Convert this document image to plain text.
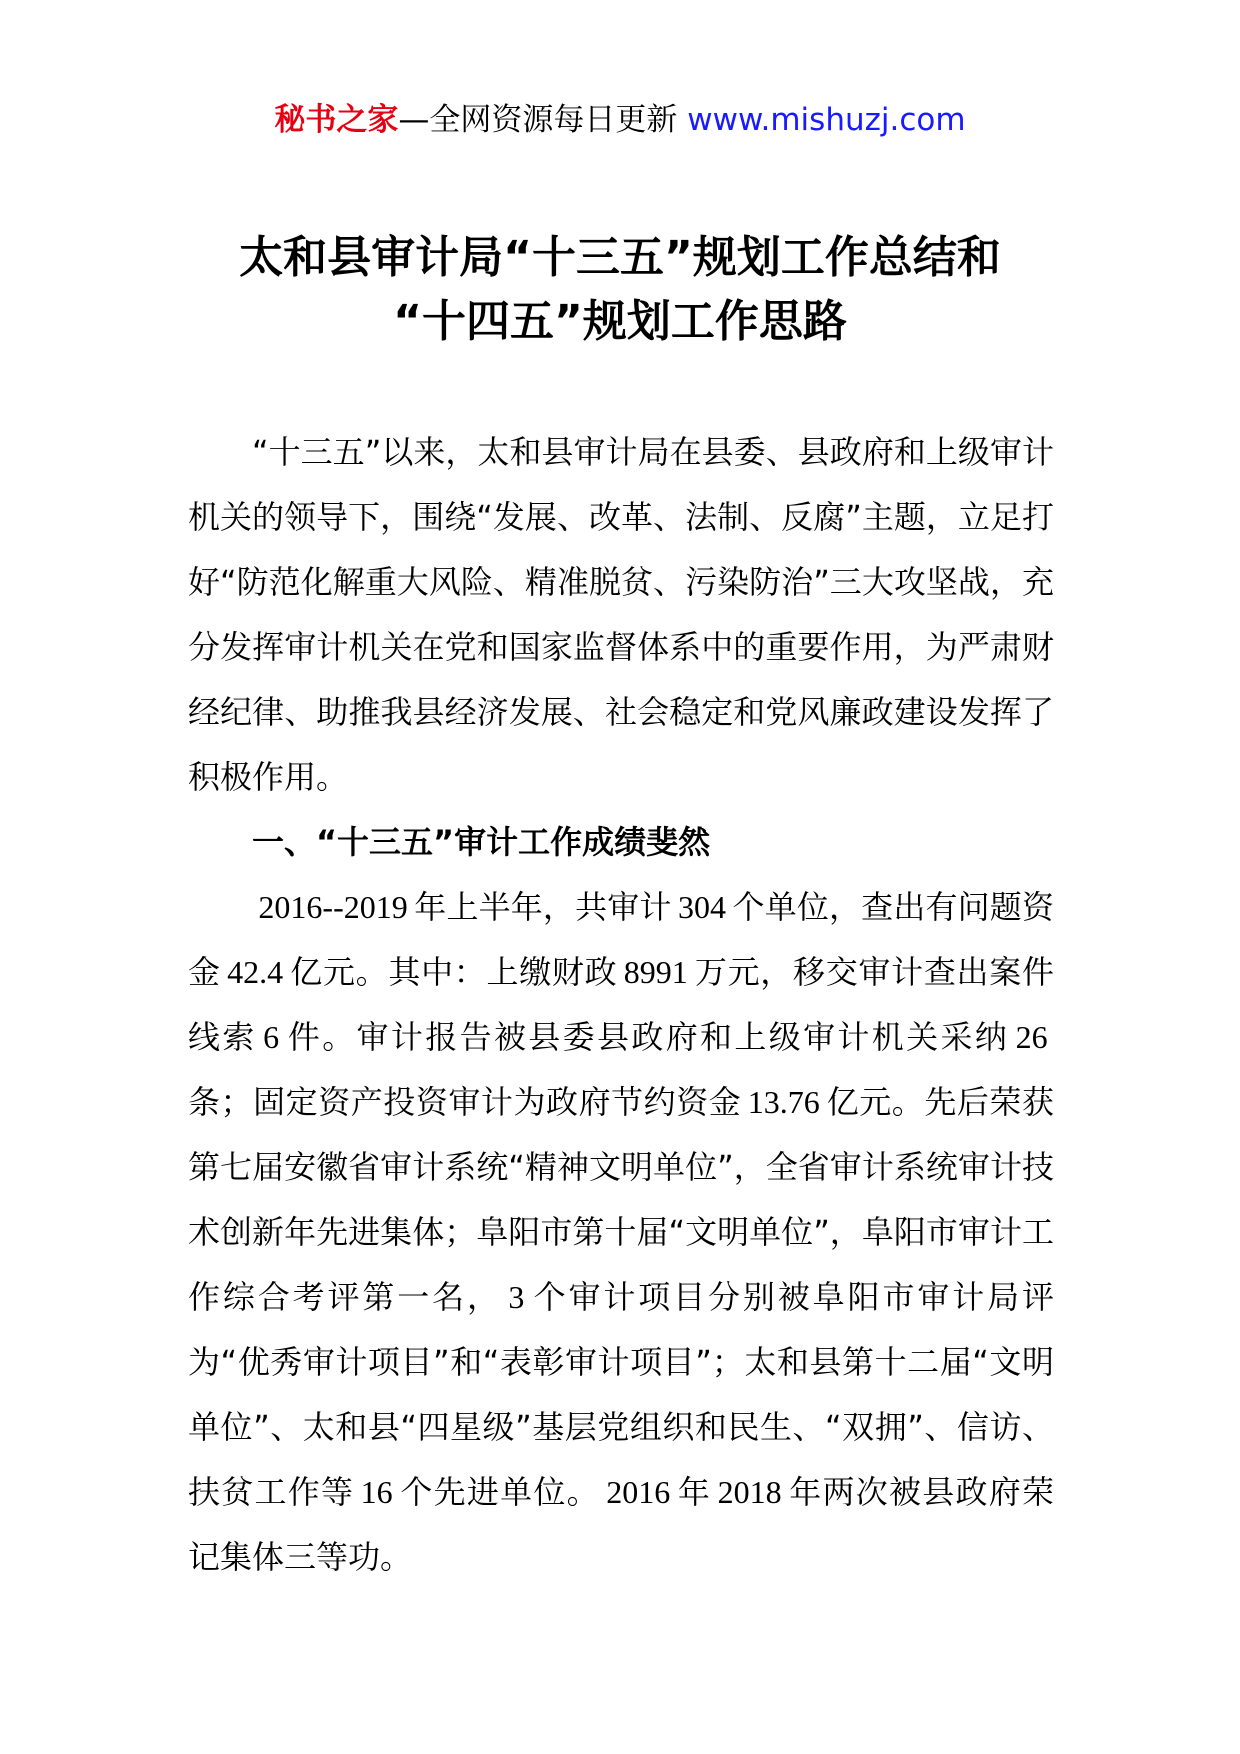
秘书之家—全网资源每日更新 www.mishuzj.com
太和县审计局“十三五”规划工作总结和
“十四五”规划工作思路

“十三五”以来，太和县审计局在县委、县政府和上级审计机关的领导下，围绕“发展、改革、法制、反腐”主题，立足打好“防范化解重大风险、精准脱贫、污染防治”三大攻坚战，充分发挥审计机关在党和国家监督体系中的重要作用，为严肃财经纪律、助推我县经济发展、社会稳定和党风廉政建设发挥了积极作用。

一、“十三五”审计工作成绩斐然

 2016--2019 年上半年，共审计 304 个单位，查出有问题资金 42.4 亿元。其中：上缴财政 8991 万元，移交审计查出案件线索 6 件。审计报告被县委县政府和上级审计机关采纳 26 条；固定资产投资审计为政府节约资金 13.76 亿元。先后荣获第七届安徽省审计系统“精神文明单位”，全省审计系统审计技术创新年先进集体；阜阳市第十届“文明单位”，阜阳市审计工作综合考评第一名， 3 个审计项目分别被阜阳市审计局评为“优秀审计项目”和“表彰审计项目”；太和县第十二届“文明单位”、太和县“四星级”基层党组织和民生、“双拥”、信访、扶贫工作等 16 个先进单位。 2016 年 2018 年两次被县政府荣记集体三等功。
